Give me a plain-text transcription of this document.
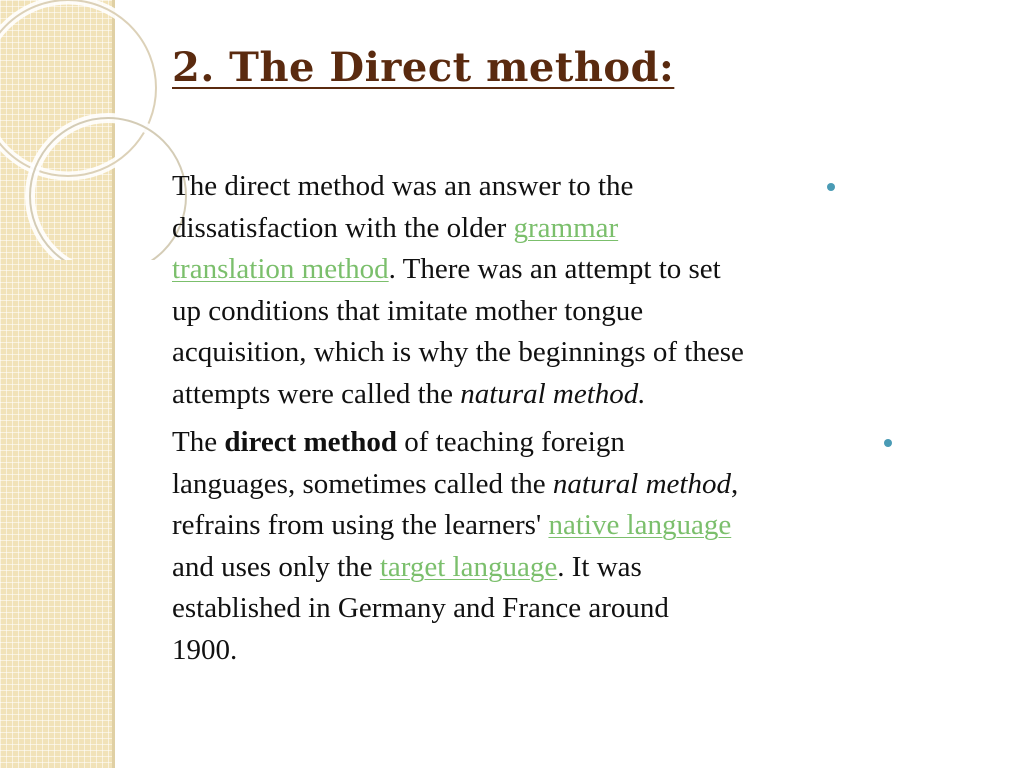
2. The Direct method:

The direct method was an answer to the
dissatisfaction with the older grammar
translation method. There was an attempt to set
up conditions that imitate mother tongue
acquisition, which is why the beginnings of these
attempts were called the natural method.

The direct method of teaching foreign
languages, sometimes called the natural method,
refrains from using the learners' native language
and uses only the target language. It was
established in Germany and France around
1900.
